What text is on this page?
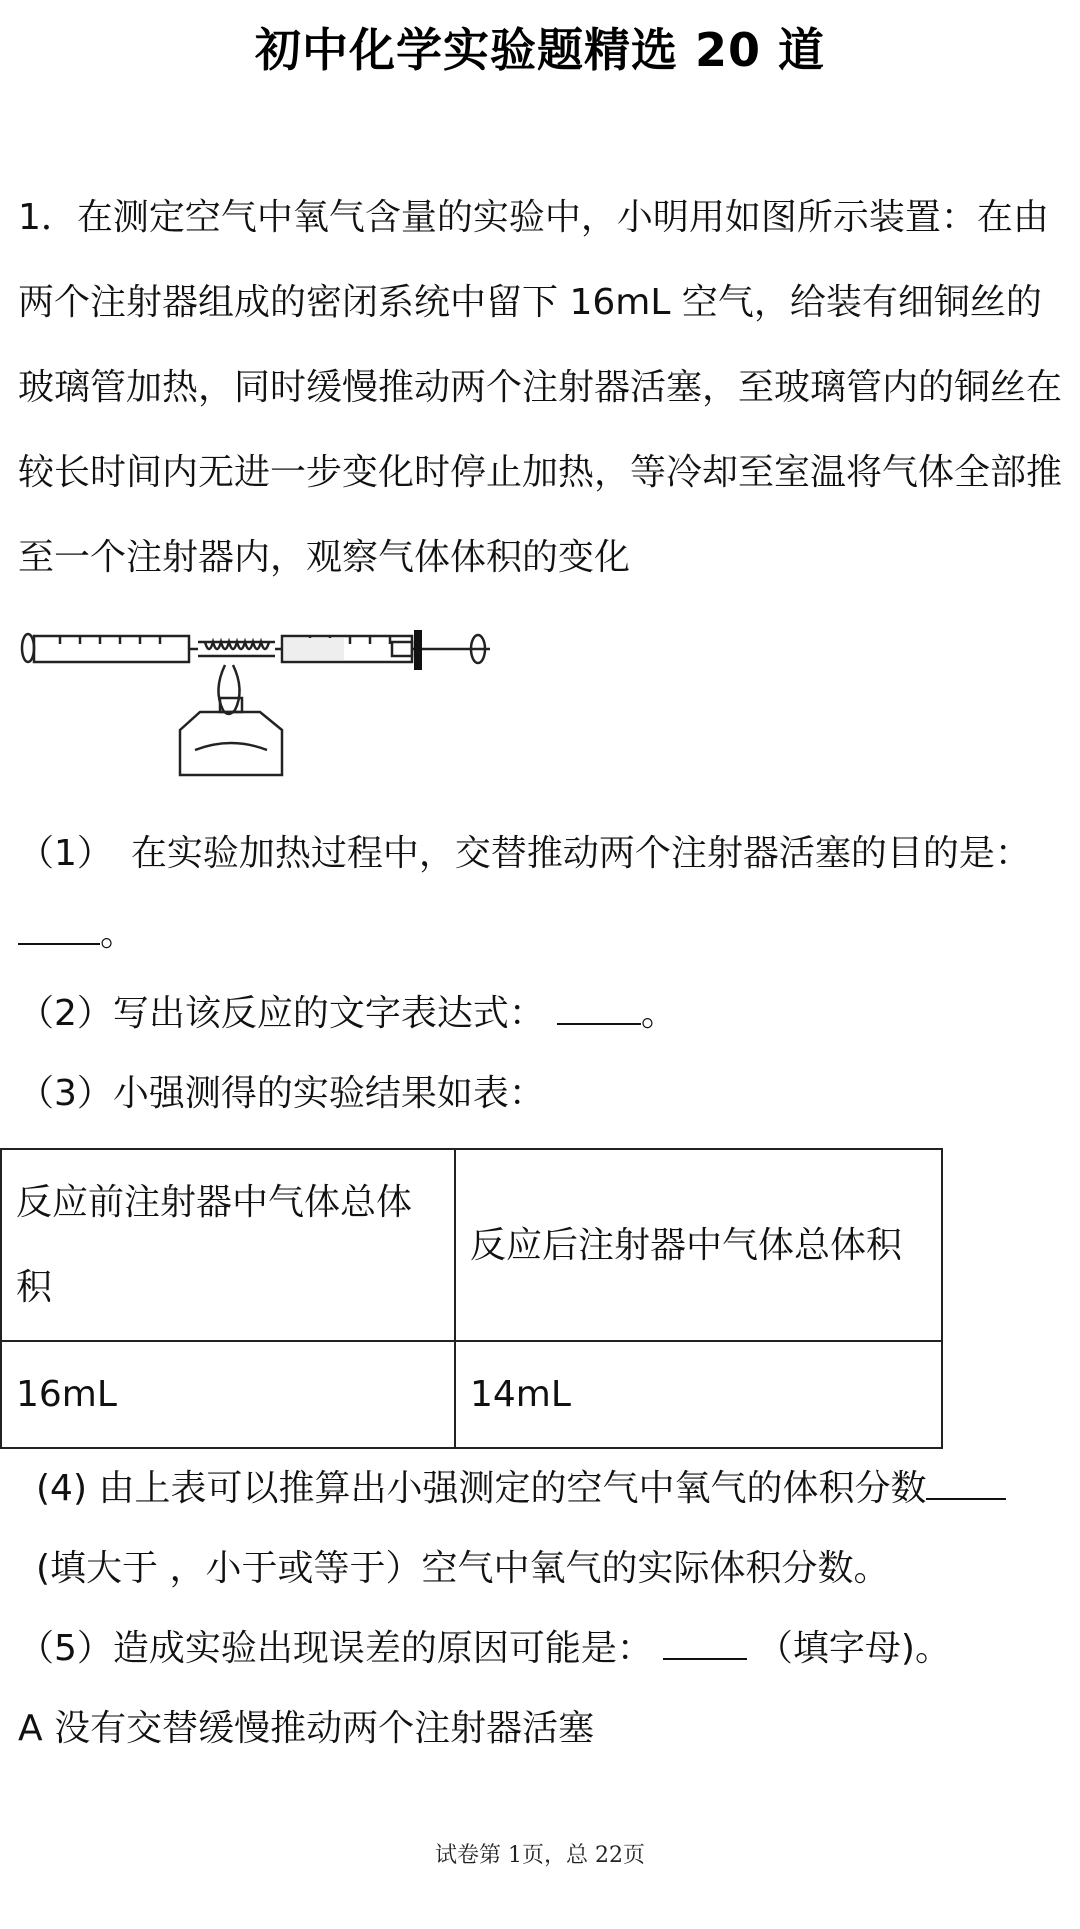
初中化学实验题精选 20 道

1．在测定空气中氧气含量的实验中，小明用如图所示装置：在由两个注射器组成的密闭系统中留下 16mL 空气，给装有细铜丝的玻璃管加热，同时缓慢推动两个注射器活塞，至玻璃管内的铜丝在较长时间内无进一步变化时停止加热，等冷却至室温将气体全部推至一个注射器内，观察气体体积的变化

（1） 在实验加热过程中，交替推动两个注射器活塞的目的是：
。
（2）写出该反应的文字表达式：	。
（3）小强测得的实验结果如表：
反应前注射器中气体总体积	反应后注射器中气体总体积
16mL	14mL
(4) 由上表可以推算出小强测定的空气中氧气的体积分数
(填大于 ，小于或等于）空气中氧气的实际体积分数。
（5）造成实验出现误差的原因可能是：	（填字母)。
A 没有交替缓慢推动两个注射器活塞
试卷第 1页，总 22页
